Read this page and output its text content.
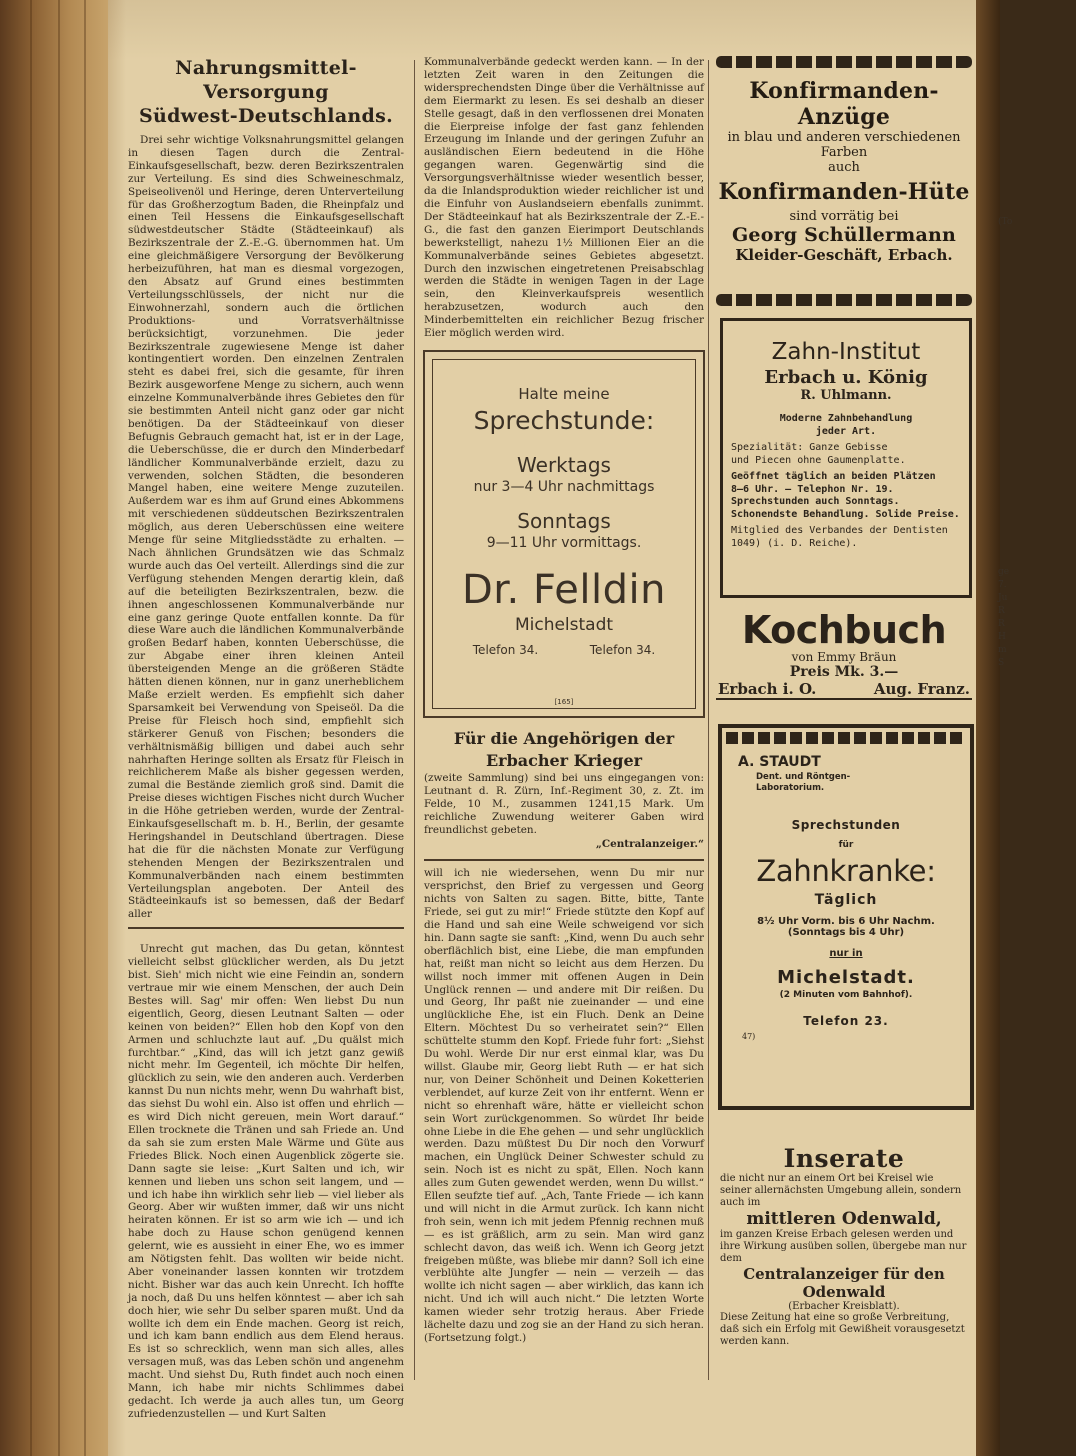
Nahrungsmittel-Versorgung
Südwest-Deutschlands.

Drei sehr wichtige Volksnahrungsmittel gelangen in diesen Tagen durch die Zentral-Einkaufsgesellschaft, bezw. deren Bezirkszentralen zur Verteilung. Es sind dies Schweineschmalz, Speiseolivenöl und Heringe, deren Unterverteilung für das Großherzogtum Baden, die Rheinpfalz und einen Teil Hessens die Einkaufsgesellschaft südwestdeutscher Städte (Städteeinkauf) als Bezirkszentrale der Z.-E.-G. übernommen hat. Um eine gleichmäßigere Versorgung der Bevölkerung herbeizuführen, hat man es diesmal vorgezogen, den Absatz auf Grund eines bestimmten Verteilungsschlüssels, der nicht nur die Einwohnerzahl, sondern auch die örtlichen Produktions- und Vorratsverhältnisse berücksichtigt, vorzunehmen. Die jeder Bezirkszentrale zugewiesene Menge ist daher kontingentiert worden. Den einzelnen Zentralen steht es dabei frei, sich die gesamte, für ihren Bezirk ausgeworfene Menge zu sichern, auch wenn einzelne Kommunalverbände ihres Gebietes den für sie bestimmten Anteil nicht ganz oder gar nicht benötigen. Da der Städteeinkauf von dieser Befugnis Gebrauch gemacht hat, ist er in der Lage, die Ueberschüsse, die er durch den Minderbedarf ländlicher Kommunalverbände erzielt, dazu zu verwenden, solchen Städten, die besonderen Mangel haben, eine weitere Menge zuzuteilen. Außerdem war es ihm auf Grund eines Abkommens mit verschiedenen süddeutschen Bezirkszentralen möglich, aus deren Ueberschüssen eine weitere Menge für seine Mitgliedsstädte zu erhalten. — Nach ähnlichen Grundsätzen wie das Schmalz wurde auch das Oel verteilt. Allerdings sind die zur Verfügung stehenden Mengen derartig klein, daß auf die beteiligten Bezirkszentralen, bezw. die ihnen angeschlossenen Kommunalverbände nur eine ganz geringe Quote entfallen konnte. Da für diese Ware auch die ländlichen Kommunalverbände großen Bedarf haben, konnten Ueberschüsse, die zur Abgabe einer ihren kleinen Anteil übersteigenden Menge an die größeren Städte hätten dienen können, nur in ganz unerheblichem Maße erzielt werden. Es empfiehlt sich daher Sparsamkeit bei Verwendung von Speiseöl. Da die Preise für Fleisch hoch sind, empfiehlt sich stärkerer Genuß von Fischen; besonders die verhältnismäßig billigen und dabei auch sehr nahrhaften Heringe sollten als Ersatz für Fleisch in reichlicherem Maße als bisher gegessen werden, zumal die Bestände ziemlich groß sind. Damit die Preise dieses wichtigen Fisches nicht durch Wucher in die Höhe getrieben werden, wurde der Zentral-Einkaufsgesellschaft m. b. H., Berlin, der gesamte Heringshandel in Deutschland übertragen. Diese hat die für die nächsten Monate zur Verfügung stehenden Mengen der Bezirkszentralen und Kommunalverbänden nach einem bestimmten Verteilungsplan angeboten. Der Anteil des Städteeinkaufs ist so bemessen, daß der Bedarf aller

Unrecht gut machen, das Du getan, könntest vielleicht selbst glücklicher werden, als Du jetzt bist. Sieh' mich nicht wie eine Feindin an, sondern vertraue mir wie einem Menschen, der auch Dein Bestes will. Sag' mir offen: Wen liebst Du nun eigentlich, Georg, diesen Leutnant Salten — oder keinen von beiden?“ Ellen hob den Kopf von den Armen und schluchzte laut auf. „Du quälst mich furchtbar.“ „Kind, das will ich jetzt ganz gewiß nicht mehr. Im Gegenteil, ich möchte Dir helfen, glücklich zu sein, wie den anderen auch. Verderben kannst Du nun nichts mehr, wenn Du wahrhaft bist, das siehst Du wohl ein. Also ist offen und ehrlich — es wird Dich nicht gereuen, mein Wort darauf.“ Ellen trocknete die Tränen und sah Friede an. Und da sah sie zum ersten Male Wärme und Güte aus Friedes Blick. Noch einen Augenblick zögerte sie. Dann sagte sie leise: „Kurt Salten und ich, wir kennen und lieben uns schon seit langem, und — und ich habe ihn wirklich sehr lieb — viel lieber als Georg. Aber wir wußten immer, daß wir uns nicht heiraten können. Er ist so arm wie ich — und ich habe doch zu Hause schon genügend kennen gelernt, wie es aussieht in einer Ehe, wo es immer am Nötigsten fehlt. Das wollten wir beide nicht. Aber voneinander lassen konnten wir trotzdem nicht. Bisher war das auch kein Unrecht. Ich hoffte ja noch, daß Du uns helfen könntest — aber ich sah doch hier, wie sehr Du selber sparen mußt. Und da wollte ich dem ein Ende machen. Georg ist reich, und ich kam bann endlich aus dem Elend heraus. Es ist so schrecklich, wenn man sich alles, alles versagen muß, was das Leben schön und angenehm macht. Und siehst Du, Ruth findet auch noch einen Mann, ich habe mir nichts Schlimmes dabei gedacht. Ich werde ja auch alles tun, um Georg zufriedenzustellen — und Kurt Salten

Kommunalverbände gedeckt werden kann. — In der letzten Zeit waren in den Zeitungen die widersprechendsten Dinge über die Verhältnisse auf dem Eiermarkt zu lesen. Es sei deshalb an dieser Stelle gesagt, daß in den verflossenen drei Monaten die Eierpreise infolge der fast ganz fehlenden Erzeugung im Inlande und der geringen Zufuhr an ausländischen Eiern bedeutend in die Höhe gegangen waren. Gegenwärtig sind die Versorgungsverhältnisse wieder wesentlich besser, da die Inlandsproduktion wieder reichlicher ist und die Einfuhr von Auslandseiern ebenfalls zunimmt. Der Städteeinkauf hat als Bezirkszentrale der Z.-E.-G., die fast den ganzen Eierimport Deutschlands bewerkstelligt, nahezu 1½ Millionen Eier an die Kommunalverbände seines Gebietes abgesetzt. Durch den inzwischen eingetretenen Preisabschlag werden die Städte in wenigen Tagen in der Lage sein, den Kleinverkaufspreis wesentlich herabzusetzen, wodurch auch den Minderbemittelten ein reichlicher Bezug frischer Eier möglich werden wird.

Halte meine
Sprechstunde:
Werktags
nur 3—4 Uhr nachmittags
Sonntags
9—11 Uhr vormittags.
Dr. Felldin
Michelstadt
Telefon 34.	Telefon 34.
[165]
Für die Angehörigen der
Erbacher Krieger

(zweite Sammlung) sind bei uns eingegangen von: Leutnant d. R. Zürn, Inf.-Regiment 30, z. Zt. im Felde, 10 M., zusammen 1241,15 Mark. Um reichliche Zuwendung weiterer Gaben wird freundlichst gebeten.

„Centralanzeiger.“

will ich nie wiedersehen, wenn Du mir nur versprichst, den Brief zu vergessen und Georg nichts von Salten zu sagen. Bitte, bitte, Tante Friede, sei gut zu mir!“ Friede stützte den Kopf auf die Hand und sah eine Weile schweigend vor sich hin. Dann sagte sie sanft: „Kind, wenn Du auch sehr oberflächlich bist, eine Liebe, die man empfunden hat, reißt man nicht so leicht aus dem Herzen. Du willst noch immer mit offenen Augen in Dein Unglück rennen — und andere mit Dir reißen. Du und Georg, Ihr paßt nie zueinander — und eine unglückliche Ehe, ist ein Fluch. Denk an Deine Eltern. Möchtest Du so verheiratet sein?“ Ellen schüttelte stumm den Kopf. Friede fuhr fort: „Siehst Du wohl. Werde Dir nur erst einmal klar, was Du willst. Glaube mir, Georg liebt Ruth — er hat sich nur, von Deiner Schönheit und Deinen Koketterien verblendet, auf kurze Zeit von ihr entfernt. Wenn er nicht so ehrenhaft wäre, hätte er vielleicht schon sein Wort zurückgenommen. So würdet Ihr beide ohne Liebe in die Ehe gehen — und sehr unglücklich werden. Dazu müßtest Du Dir noch den Vorwurf machen, ein Unglück Deiner Schwester schuld zu sein. Noch ist es nicht zu spät, Ellen. Noch kann alles zum Guten gewendet werden, wenn Du willst.“ Ellen seufzte tief auf. „Ach, Tante Friede — ich kann und will nicht in die Armut zurück. Ich kann nicht froh sein, wenn ich mit jedem Pfennig rechnen muß — es ist gräßlich, arm zu sein. Man wird ganz schlecht davon, das weiß ich. Wenn ich Georg jetzt freigeben müßte, was bliebe mir dann? Soll ich eine verblühte alte Jungfer — nein — verzeih — das wollte ich nicht sagen — aber wirklich, das kann ich nicht. Und ich will auch nicht.“ Die letzten Worte kamen wieder sehr trotzig heraus. Aber Friede lächelte dazu und zog sie an der Hand zu sich heran. (Fortsetzung folgt.)

Konfirmanden-Anzüge
in blau und anderen verschiedenen Farben
auch
Konfirmanden-Hüte
sind vorrätig bei
Georg Schüllermann
Kleider-Geschäft, Erbach.
Zahn-Institut
Erbach u. König
R. Uhlmann.
Moderne Zahnbehandlung
jeder Art.
Spezialität: Ganze Gebisse
und Piecen ohne Gaumenplatte.
Geöffnet täglich an beiden Plätzen
8—6 Uhr. — Telephon Nr. 19.
Sprechstunden auch Sonntags.
Schonendste Behandlung. Solide Preise.
Mitglied des Verbandes der Dentisten
1049) (i. D. Reiche).
Kochbuch
von Emmy Bräun
Preis Mk. 3.—
Erbach i. O.	Aug. Franz.
A. STAUDT
Dent. und Röntgen-
Laboratorium.
Sprechstunden
für
Zahnkranke:
Täglich
8½ Uhr Vorm. bis 6 Uhr Nachm.
(Sonntags bis 4 Uhr)
nur in
Michelstadt.
(2 Minuten vom Bahnhof).
Telefon 23.
47)
Inserate
die nicht nur an einem Ort bei Kreisel wie seiner allernächsten Umgebung allein, sondern auch im
mittleren Odenwald,
im ganzen Kreise Erbach gelesen werden und ihre Wirkung ausüben sollen, übergebe man nur dem
Centralanzeiger für den Odenwald
(Erbacher Kreisblatt).
Diese Zeitung hat eine so große Verbreitung, daß sich ein Erfolg mit Gewißheit vorausgesetzt werden kann.
(To
ge
7.
Ju
R
R
H
m
S
